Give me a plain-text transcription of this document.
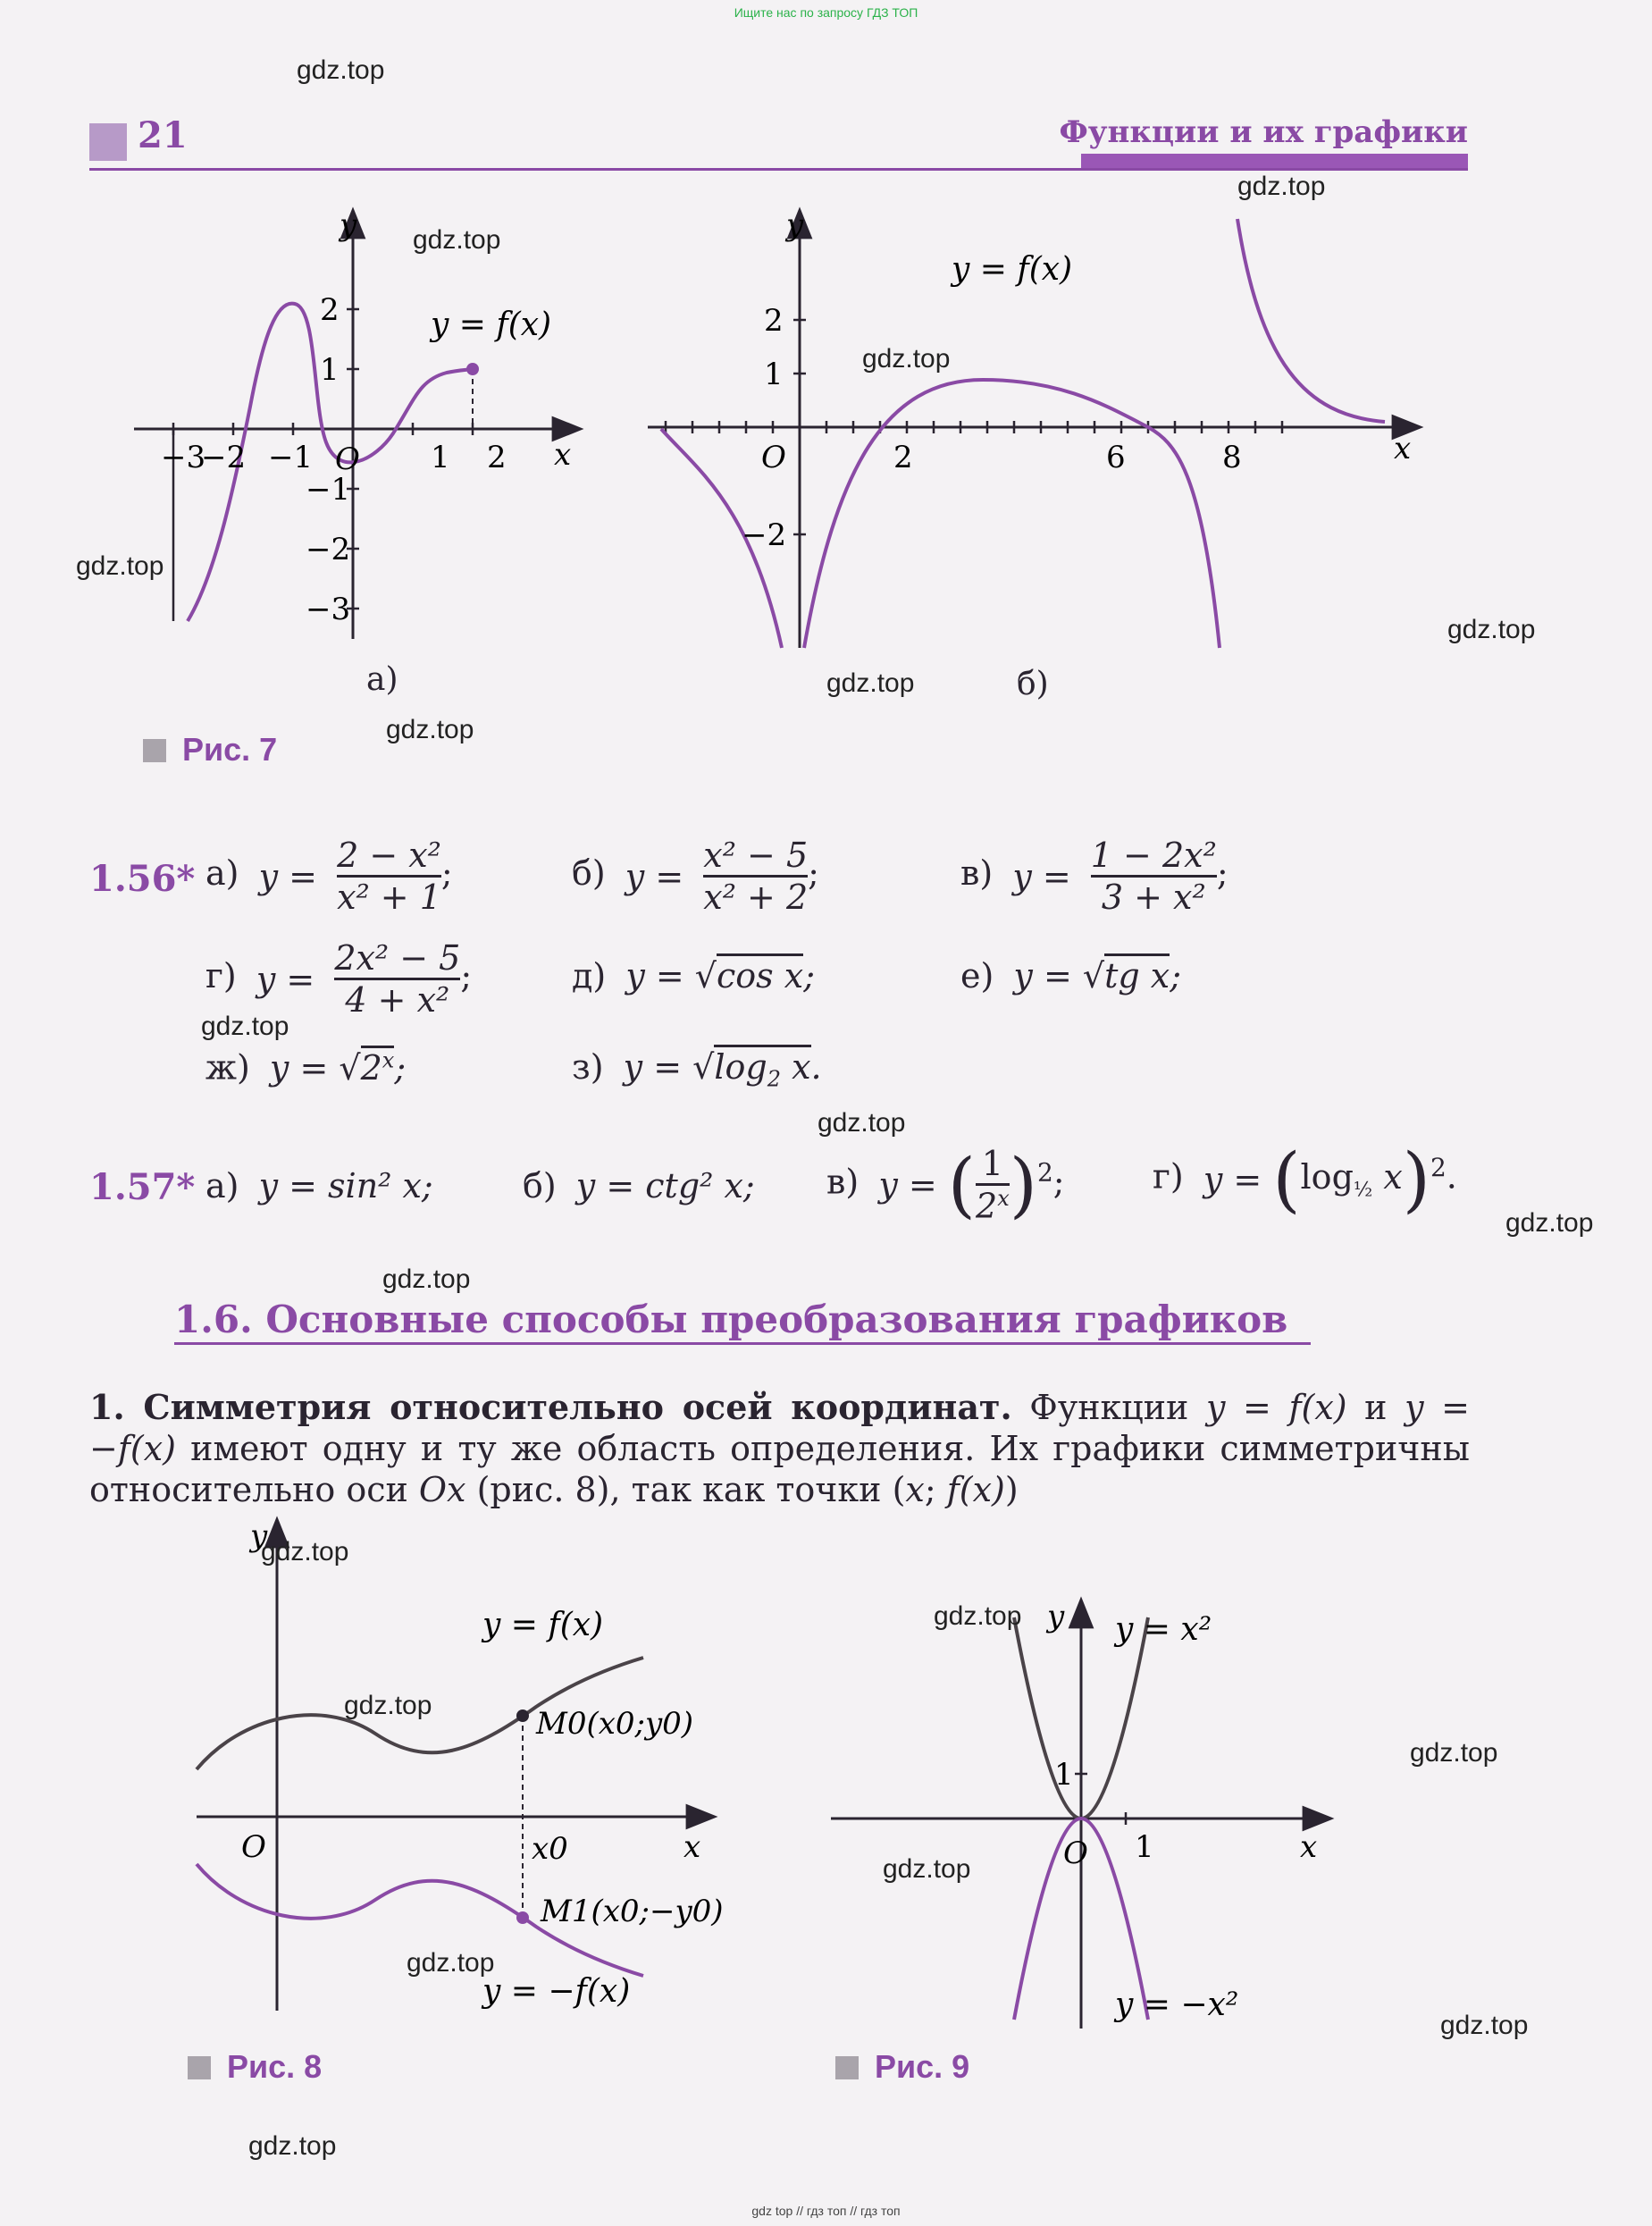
Ищите нас по запросу ГДЗ ТОП
21	Функции и их графики
y
x
O
y = f(x)
2
1
−1
−2
−3
−3
−2 −1	1 2
а)
y
x
O
y = f(x)
2
1
−2
2	6	8
б)
Рис. 7
1.56* а) $y = \frac{\text{2 − x²}}{\text{x² + 1}}$ ;	б) $y = \frac{\text{x² − 5}}{\text{x² + 2}}$ ;	в) $y = \frac{\text{1 − 2x²}}{\text{3 + x²}}$ ;
г) $y = \frac{\text{2x² − 5}}{\text{4 + x²}}$ ;	д) y = √cos x;	е) y = √tg x;
ж) $y = √2^x$;	з) $y = √\log_2$ x.
1.57* а) y = sin² x;	б) y = ctg² x; в) y = ( $\frac{1}{2^x} )^2$;	г) $y = (\log_{\frac{1}{2}}$ x)$^2$.
1.6. Основные способы преобразования графиков
1. Симметрия относительно осей координат. Функции y = f(x) и y = −f(x) имеют одну и ту же область определения. Их графики симметричны относительно оси Ox (рис. 8), так как точки (x; f(x))
y
x
O
y = f(x)
M0(x0;y0)
x0
M1(x0;−y0)
y = −f(x)
Рис. 8
y
x
O
1
1
y = x²
y = −x²
Рис. 9
gdz.top
gdz.top
gdz.top
gdz.top
gdz.top
gdz.top
gdz.top
gdz.top
gdz.top
gdz.top
gdz.top
gdz.top
gdz.top
gdz.top
gdz.top
gdz.top
gdz.top
gdz.top
gdz.top
gdz.top
gdz top // гдз топ // гдз топ
